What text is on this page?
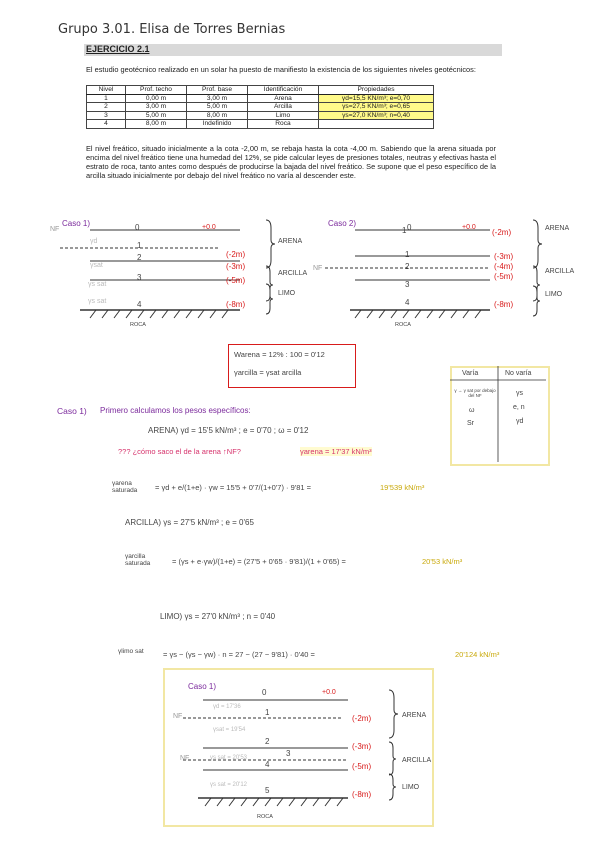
Grupo 3.01. Elisa de Torres Bernias
EJERCICIO 2.1
El estudio geotécnico realizado en un solar ha puesto de manifiesto la existencia de los siguientes niveles geotécnicos:
Nivel	Prof. techo	Prof. base	Identificación	Propiedades
1	0,00 m	3,00 m	Arena	γd=15,5 KN/m³; e=0,70
2	3,00 m	5,00 m	Arcilla	γs=27,5 KN/m³; e=0,65
3	5,00 m	8,00 m	Limo	γs=27,0 KN/m³; n=0,40
4	8,00 m	Indefinido	Roca	
El nivel freático, situado inicialmente a la cota -2,00 m, se rebaja hasta la cota -4,00 m. Sabiendo que la arena situada por encima del nivel freático tiene una humedad del 12%, se pide calcular leyes de presiones totales, neutras y efectivas hasta el estrato de roca, tanto antes como después de producirse la bajada del nivel freático. Se supone que el peso específico de la arcilla situado inicialmente por debajo del nivel freático no varía al descender este.
Caso 1)	0	+0.0
NF
γd
γsat
γs sat
γs sat
1
2
3
4
(-2m)
(-3m)
(-5m)
(-8m)
ARENA
ARCILLA
LIMO
ROCA
Caso 2)	0	+0.0
NF
1
1
2
3
4
(-2m)
(-3m)
(-4m)
(-5m)
(-8m)
ARENA
ARCILLA
LIMO
ROCA
Warena = 12% : 100 = 0'12
γarcilla = γsat arcilla	Varía	No varía
γ → γ sat por debajo del NF
ω
Sr
γs
e, n
γd
Caso 1) Primero calculamos los pesos específicos:
ARENA) γd = 15'5 kN/m³ ; e = 0'70 ; ω = 0'12
??? ¿cómo saco el de la arena ↑NF?	γarena = 17'37 kN/m³
γarena saturada	= γd + e/(1+e) · γw = 15'5 + 0'7/(1+0'7) · 9'81 =	19'539 kN/m³
ARCILLA) γs = 27'5 kN/m³ ; e = 0'65
γarcilla saturada	= (γs + e·γw)/(1+e) = (27'5 + 0'65 · 9'81)/(1 + 0'65) =	20'53 kN/m³
LIMO) γs = 27'0 kN/m³ ; n = 0'40
γlimo sat	= γs − (γs − γw) · n = 27 − (27 − 9'81) · 0'40 =	20'124 kN/m³
Caso 1)
0	+0.0
NF
NF
γd = 17'36
γsat = 19'54
γs sat = 20'53
γs sat = 20'12
1
2
3
4
5
(-2m)
(-3m)
(-5m)
(-8m)
ARENA
ARCILLA
LIMO
ROCA
